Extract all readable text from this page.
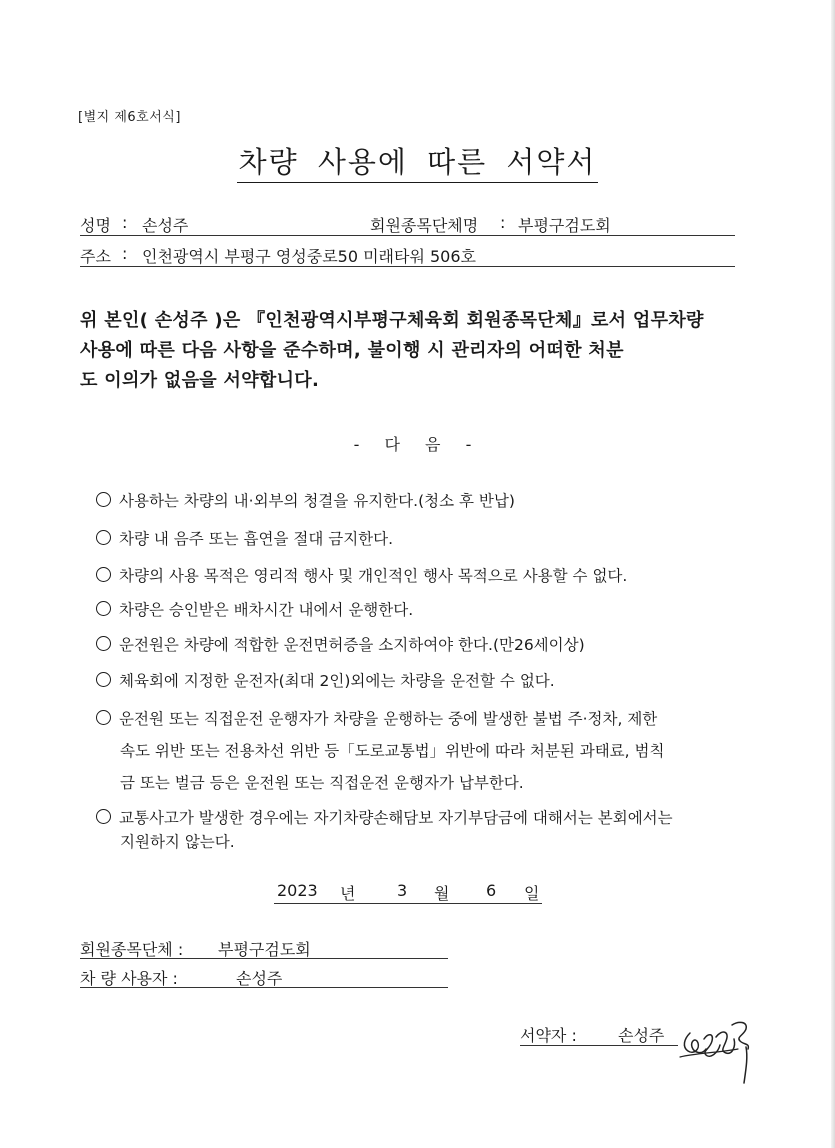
[별지 제6호서식]
차량 사용에 따른 서약서
성명 : 손성주	회원종목단체명 : 부평구검도회
주소 : 인천광역시 부평구 영성중로50 미래타워 506호
위 본인( 손성주 )은 『인천광역시부평구체육회 회원종목단체』로서 업무차량
사용에 따른 다음 사항을 준수하며, 불이행 시 관리자의 어떠한 처분
도 이의가 없음을 서약합니다.
- 다 음 -
사용하는 차량의 내·외부의 청결을 유지한다.(청소 후 반납)
차량 내 음주 또는 흡연을 절대 금지한다.
차량의 사용 목적은 영리적 행사 및 개인적인 행사 목적으로 사용할 수 없다.
차량은 승인받은 배차시간 내에서 운행한다.
운전원은 차량에 적합한 운전면허증을 소지하여야 한다.(만26세이상)
체육회에 지정한 운전자(최대 2인)외에는 차량을 운전할 수 없다.
운전원 또는 직접운전 운행자가 차량을 운행하는 중에 발생한 불법 주·정차, 제한
속도 위반 또는 전용차선 위반 등「도로교통법」위반에 따라 처분된 과태료, 범칙
금 또는 벌금 등은 운전원 또는 직접운전 운행자가 납부한다.
교통사고가 발생한 경우에는 자기차량손해담보 자기부담금에 대해서는 본회에서는
지원하지 않는다.
2023 년	3 월 6 일
회원종목단체 : 부평구검도회
차 량 사용자 :	손성주
서약자 :	손성주
